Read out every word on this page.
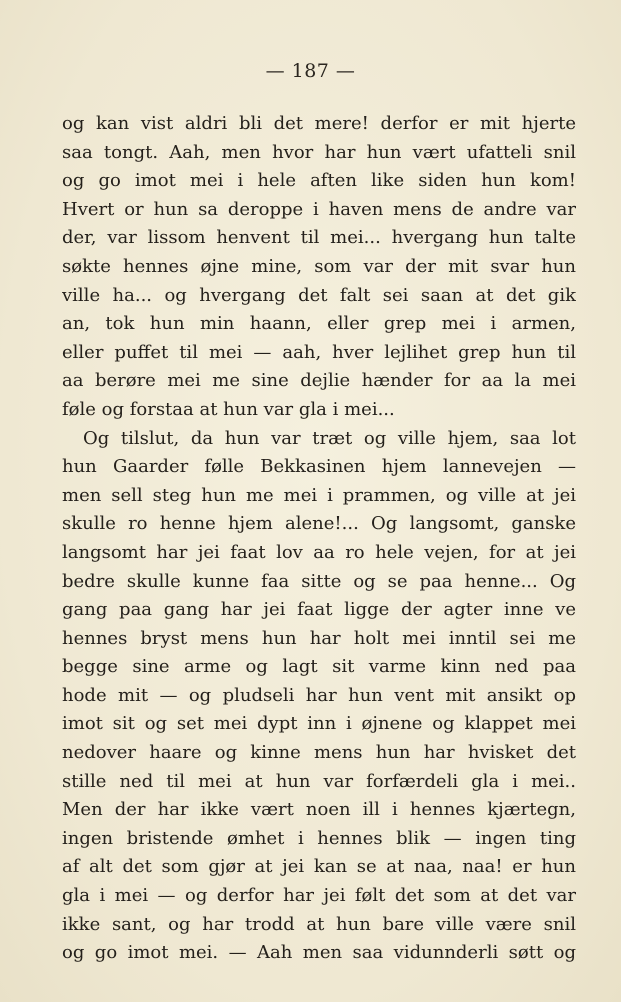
— 187 —
og kan vist aldri bli det mere! derfor er mit hjerte
saa tongt. Aah, men hvor har hun vært ufatteli snil
og go imot mei i hele aften like siden hun kom!
Hvert or hun sa deroppe i haven mens de andre var
der, var lissom henvent til mei... hvergang hun talte
søkte hennes øjne mine, som var der mit svar hun
ville ha... og hvergang det falt sei saan at det gik
an, tok hun min haann, eller grep mei i armen,
eller puffet til mei — aah, hver lejlihet grep hun til
aa berøre mei me sine dejlie hænder for aa la mei
føle og forstaa at hun var gla i mei...
Og tilslut, da hun var træt og ville hjem, saa lot
hun Gaarder følle Bekkasinen hjem lannevejen —
men sell steg hun me mei i prammen, og ville at jei
skulle ro henne hjem alene!... Og langsomt, ganske
langsomt har jei faat lov aa ro hele vejen, for at jei
bedre skulle kunne faa sitte og se paa henne... Og
gang paa gang har jei faat ligge der agter inne ve
hennes bryst mens hun har holt mei inntil sei me
begge sine arme og lagt sit varme kinn ned paa
hode mit — og pludseli har hun vent mit ansikt op
imot sit og set mei dypt inn i øjnene og klappet mei
nedover haare og kinne mens hun har hvisket det
stille ned til mei at hun var forfærdeli gla i mei..
Men der har ikke vært noen ill i hennes kjærtegn,
ingen bristende ømhet i hennes blik — ingen ting
af alt det som gjør at jei kan se at naa, naa! er hun
gla i mei — og derfor har jei følt det som at det var
ikke sant, og har trodd at hun bare ville være snil
og go imot mei. — Aah men saa vidunnderli søtt og
